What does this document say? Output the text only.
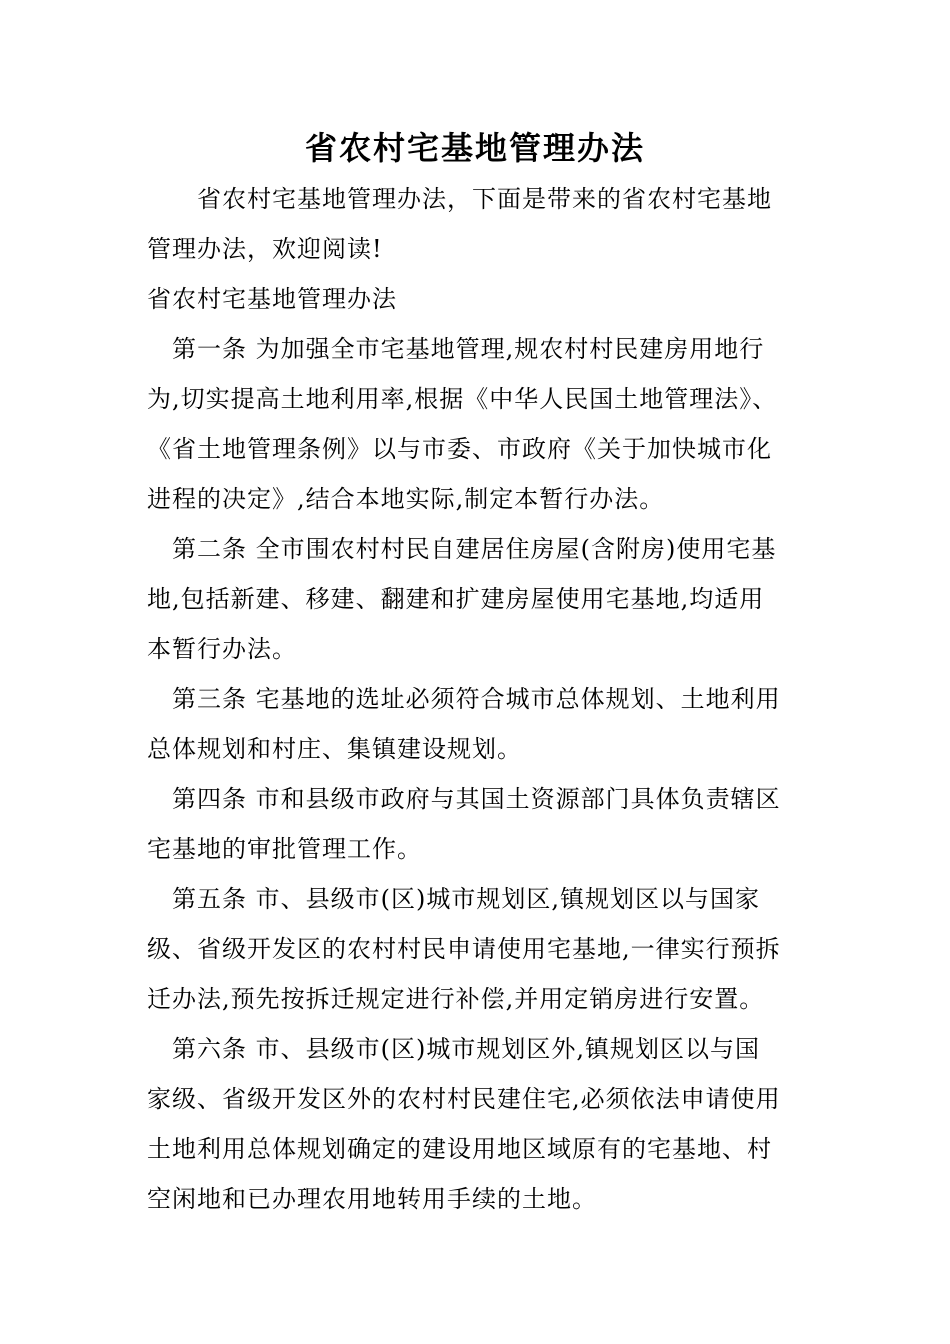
省农村宅基地管理办法
　　省农村宅基地管理办法，下面是带来的省农村宅基地
管理办法，欢迎阅读!
省农村宅基地管理办法
　第一条 为加强全市宅基地管理,规农村村民建房用地行
为,切实提高土地利用率,根据《中华人民国土地管理法》、
《省土地管理条例》以与市委、市政府《关于加快城市化
进程的决定》,结合本地实际,制定本暂行办法。
　第二条 全市围农村村民自建居住房屋(含附房)使用宅基
地,包括新建、移建、翻建和扩建房屋使用宅基地,均适用
本暂行办法。
　第三条 宅基地的选址必须符合城市总体规划、土地利用
总体规划和村庄、集镇建设规划。
　第四条 市和县级市政府与其国土资源部门具体负责辖区
宅基地的审批管理工作。
　第五条 市、县级市(区)城市规划区,镇规划区以与国家
级、省级开发区的农村村民申请使用宅基地,一律实行预拆
迁办法,预先按拆迁规定进行补偿,并用定销房进行安置。
　第六条 市、县级市(区)城市规划区外,镇规划区以与国
家级、省级开发区外的农村村民建住宅,必须依法申请使用
土地利用总体规划确定的建设用地区域原有的宅基地、村
空闲地和已办理农用地转用手续的土地。
